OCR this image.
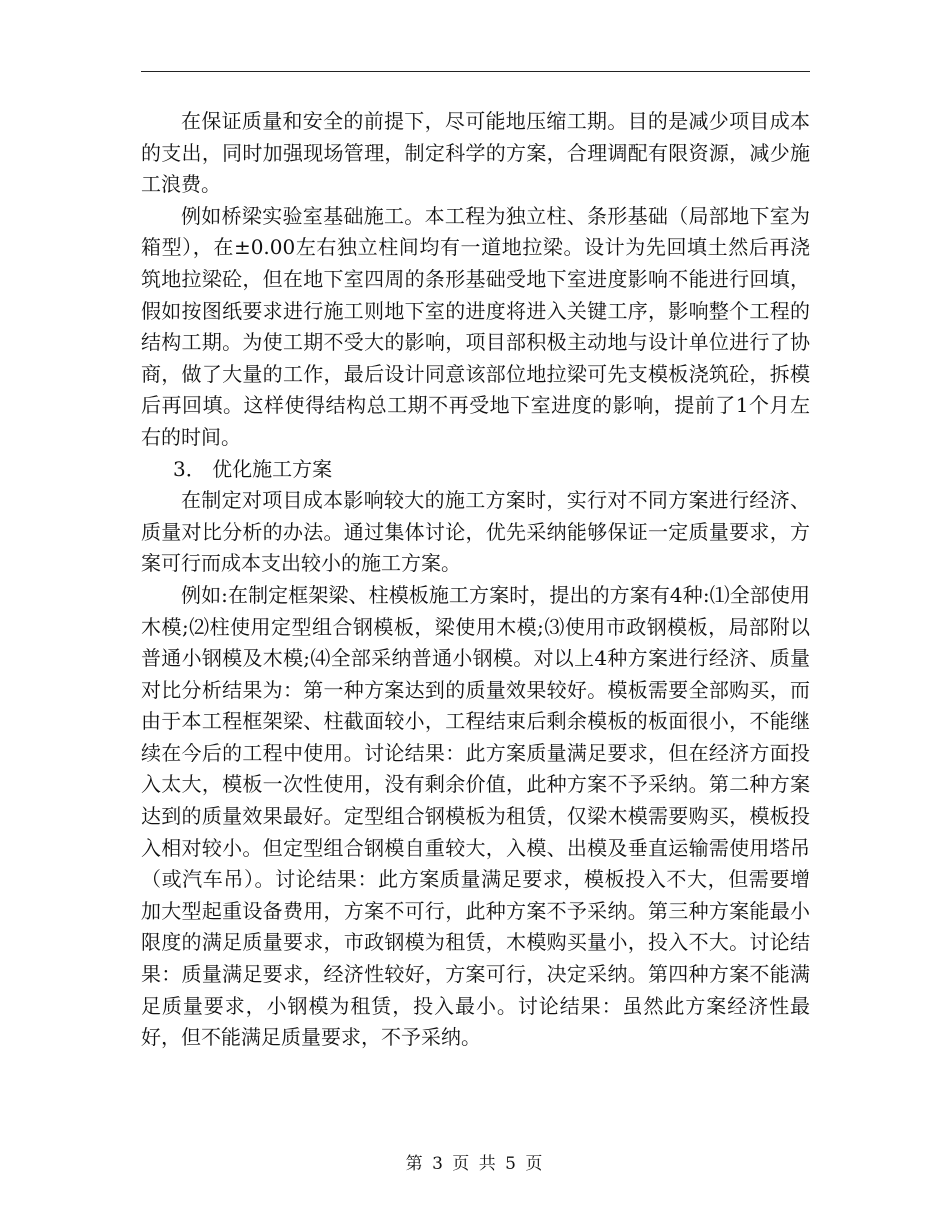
在保证质量和安全的前提下，尽可能地压缩工期。目的是减少项目成本的支出，同时加强现场管理，制定科学的方案，合理调配有限资源，减少施工浪费。

例如桥梁实验室基础施工。本工程为独立柱、条形基础（局部地下室为箱型），在±0.00左右独立柱间均有一道地拉梁。设计为先回填土然后再浇筑地拉梁砼，但在地下室四周的条形基础受地下室进度影响不能进行回填，假如按图纸要求进行施工则地下室的进度将进入关键工序，影响整个工程的结构工期。为使工期不受大的影响，项目部积极主动地与设计单位进行了协商，做了大量的工作，最后设计同意该部位地拉梁可先支模板浇筑砼，拆模后再回填。这样使得结构总工期不再受地下室进度的影响，提前了1个月左右的时间。

3． 优化施工方案

在制定对项目成本影响较大的施工方案时，实行对不同方案进行经济、质量对比分析的办法。通过集体讨论，优先采纳能够保证一定质量要求，方案可行而成本支出较小的施工方案。

例如:在制定框架梁、柱模板施工方案时，提出的方案有4种:⑴全部使用木模;⑵柱使用定型组合钢模板，梁使用木模;⑶使用市政钢模板，局部附以普通小钢模及木模;⑷全部采纳普通小钢模。对以上4种方案进行经济、质量对比分析结果为：第一种方案达到的质量效果较好。模板需要全部购买，而由于本工程框架梁、柱截面较小，工程结束后剩余模板的板面很小，不能继续在今后的工程中使用。讨论结果：此方案质量满足要求，但在经济方面投入太大，模板一次性使用，没有剩余价值，此种方案不予采纳。第二种方案达到的质量效果最好。定型组合钢模板为租赁，仅梁木模需要购买，模板投入相对较小。但定型组合钢模自重较大，入模、出模及垂直运输需使用塔吊（或汽车吊）。讨论结果：此方案质量满足要求，模板投入不大，但需要增加大型起重设备费用，方案不可行，此种方案不予采纳。第三种方案能最小限度的满足质量要求，市政钢模为租赁，木模购买量小，投入不大。讨论结果：质量满足要求，经济性较好，方案可行，决定采纳。第四种方案不能满足质量要求，小钢模为租赁，投入最小。讨论结果：虽然此方案经济性最好，但不能满足质量要求，不予采纳。

第 3 页 共 5 页
